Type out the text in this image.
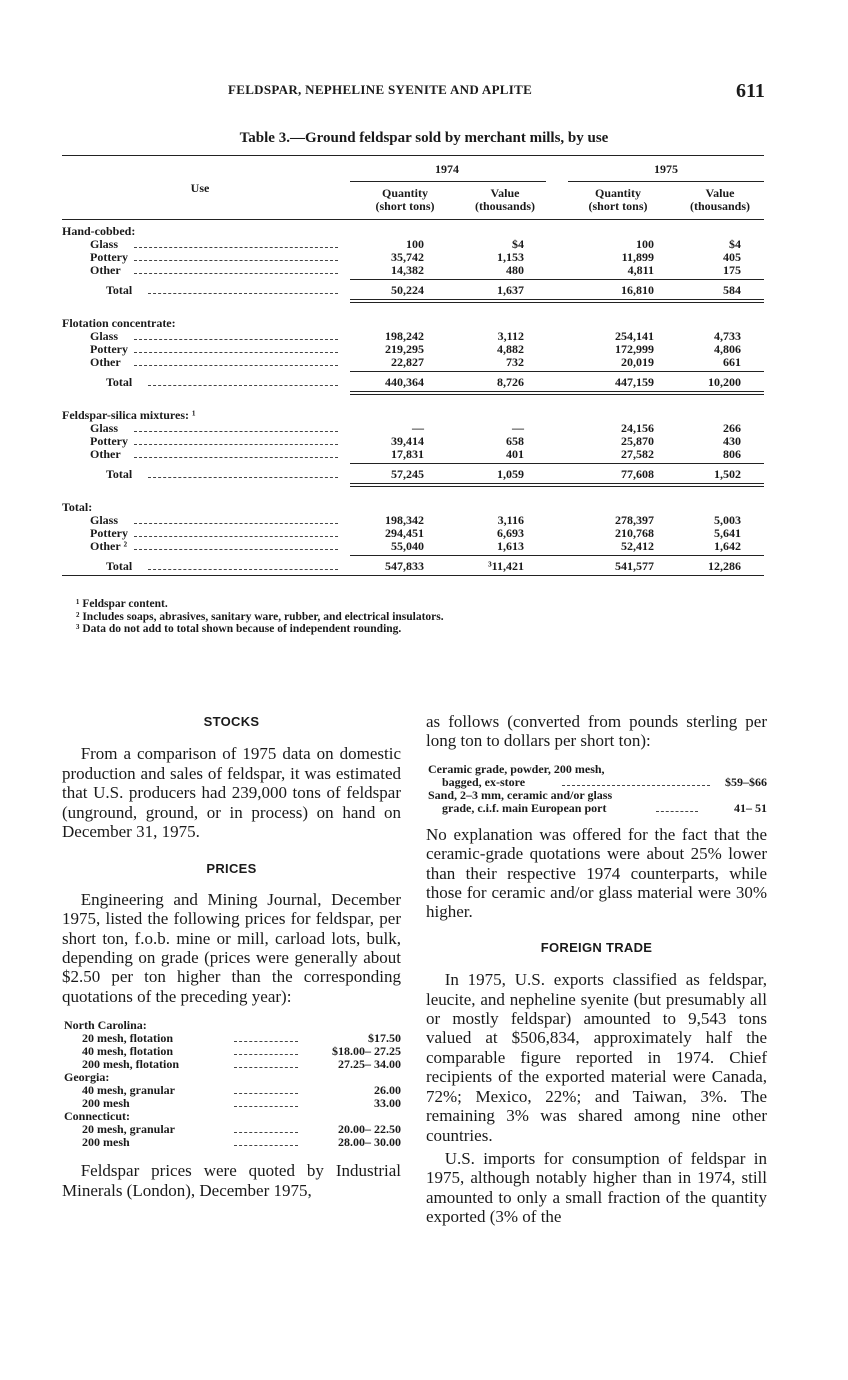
FELDSPAR, NEPHELINE SYENITE AND APLITE	611
Table 3.—Ground feldspar sold by merchant mills, by use
Use
1974	1975
Quantity
(short tons)
Value
(thousands)
Quantity
(short tons)
Value
(thousands)
Hand-cobbed:
Glass	100	$4	100	$4
Pottery	35,742	1,153	11,899	405
Other	14,382	480	4,811	175
Total	50,224	1,637	16,810	584
Flotation concentrate:
Glass	198,242	3,112	254,141	4,733
Pottery	219,295	4,882	172,999	4,806
Other	22,827	732	20,019	661
Total	440,364	8,726	447,159	10,200
Feldspar-silica mixtures: ¹
Glass	—	—	24,156	266
Pottery	39,414	658	25,870	430
Other	17,831	401	27,582	806
Total	57,245	1,059	77,608	1,502
Total:
Glass	198,342	3,116	278,397	5,003
Pottery	294,451	6,693	210,768	5,641
Other ²	55,040	1,613	52,412	1,642
Total	547,833	³11,421	541,577	12,286
¹ Feldspar content.
² Includes soaps, abrasives, sanitary ware, rubber, and electrical insulators.
³ Data do not add to total shown because of independent rounding.

STOCKS

From a comparison of 1975 data on domestic production and sales of feldspar, it was estimated that U.S. producers had 239,000 tons of feldspar (unground, ground, or in process) on hand on December 31, 1975.

PRICES

Engineering and Mining Journal, December 1975, listed the following prices for feldspar, per short ton, f.o.b. mine or mill, carload lots, bulk, depending on grade (prices were generally about $2.50 per ton higher than the corresponding quotations of the preceding year):

North Carolina:
20 mesh, flotation	$17.50
40 mesh, flotation	$18.00– 27.25
200 mesh, flotation	27.25– 34.00
Georgia:
40 mesh, granular	26.00
200 mesh	33.00
Connecticut:
20 mesh, granular	20.00– 22.50
200 mesh	28.00– 30.00

Feldspar prices were quoted by Industrial Minerals (London), December 1975,

as follows (converted from pounds sterling per long ton to dollars per short ton):

Ceramic grade, powder, 200 mesh,
bagged, ex-store	$59–$66
Sand, 2–3 mm, ceramic and/or glass
grade, c.i.f. main European port	41– 51

No explanation was offered for the fact that the ceramic-grade quotations were about 25% lower than their respective 1974 counterparts, while those for ceramic and/or glass material were 30% higher.

FOREIGN TRADE

In 1975, U.S. exports classified as feldspar, leucite, and nepheline syenite (but presumably all or mostly feldspar) amounted to 9,543 tons valued at $506,834, approximately half the comparable figure reported in 1974. Chief recipients of the exported material were Canada, 72%; Mexico, 22%; and Taiwan, 3%. The remaining 3% was shared among nine other countries.

U.S. imports for consumption of feldspar in 1975, although notably higher than in 1974, still amounted to only a small fraction of the quantity exported (3% of the
